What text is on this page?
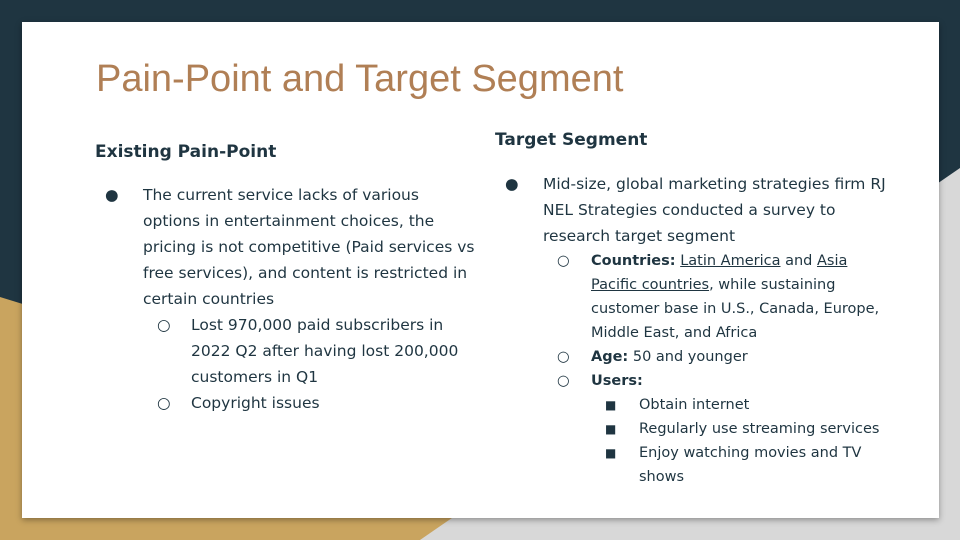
Pain-Point and Target Segment
Existing Pain-Point
Target Segment
● The current service lacks of various options in entertainment choices, the pricing is not competitive (Paid services vs free services), and content is restricted in certain countries
○ Lost 970,000 paid subscribers in 2022 Q2 after having lost 200,000 customers in Q1
○ Copyright issues
● Mid-size, global marketing strategies firm RJ NEL Strategies conducted a survey to research target segment
○ Countries: Latin America and Asia Pacific countries, while sustaining customer base in U.S., Canada, Europe, Middle East, and Africa
○ Age: 50 and younger
○ Users:
■ Obtain internet
■ Regularly use streaming services
■ Enjoy watching movies and TV shows
